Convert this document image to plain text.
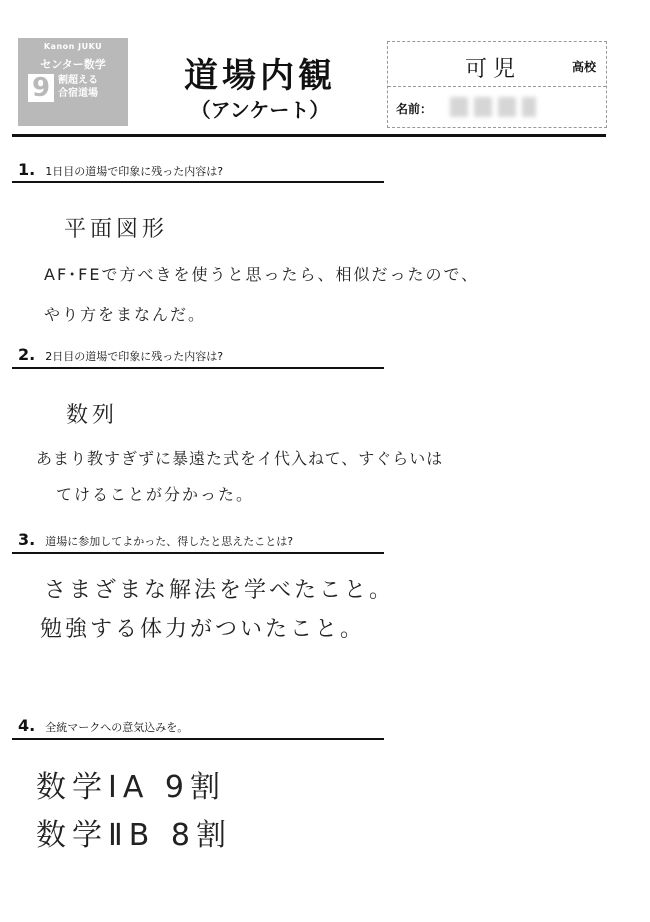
Kanon JUKU
センター数学
9 割超える
合宿道場	道場内観
（アンケート）
可児	高校
名前：
1. 1日目の道場で印象に残った内容は?
平面図形
AF･FEで方べきを使うと思ったら、相似だったので、
やり方をまなんだ。
2. 2日目の道場で印象に残った内容は?
数列
あまり教すぎずに暴遠た式をイ代入ねて、すぐらいは
てけることが分かった。
3. 道場に参加してよかった、得したと思えたことは?
さまざまな解法を学べたこと。
勉強する体力がついたこと。
4. 全統マークへの意気込みを。
数学ⅠA 9割
数学ⅡB 8割
